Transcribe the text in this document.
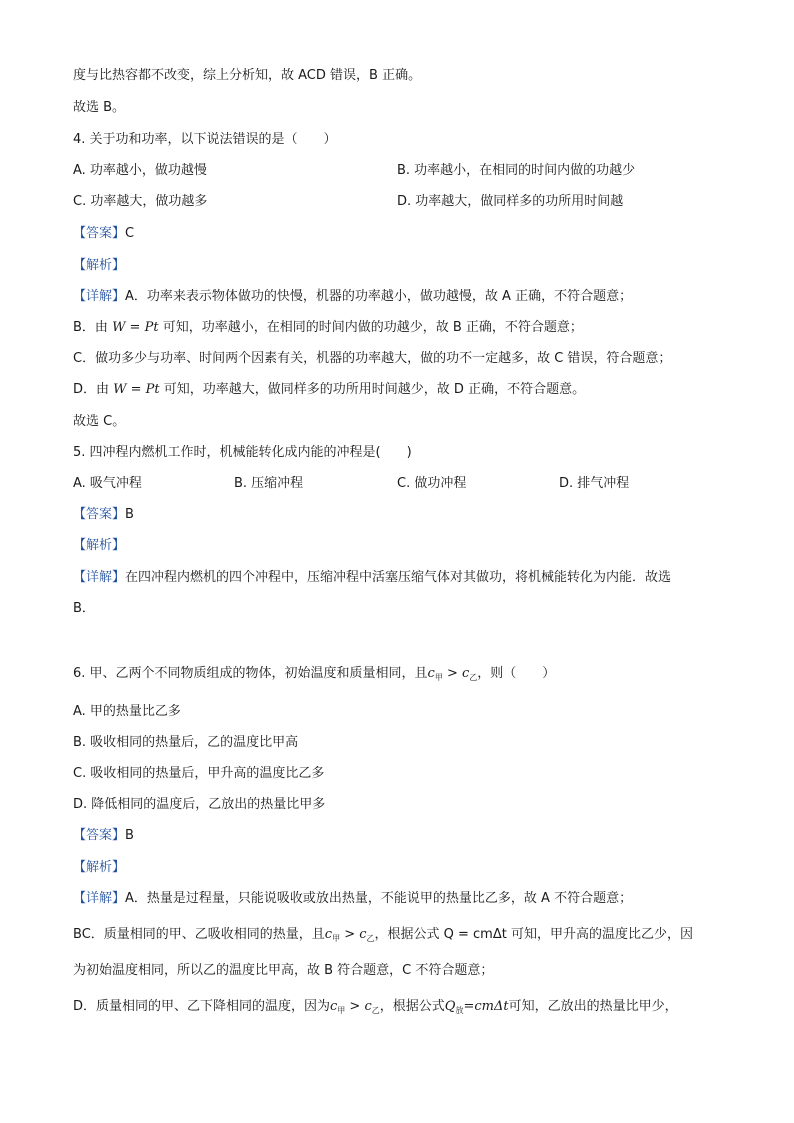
度与比热容都不改变，综上分析知，故 ACD 错误，B 正确。
故选 B。
4. 关于功和功率，以下说法错误的是（　　）
A. 功率越小，做功越慢	B. 功率越小，在相同的时间内做的功越少
C. 功率越大，做功越多	D. 功率越大，做同样多的功所用时间越
【答案】C
【解析】
【详解】A．功率来表示物体做功的快慢，机器的功率越小，做功越慢，故 A 正确，不符合题意；
B．由 W = Pt 可知，功率越小，在相同的时间内做的功越少，故 B 正确，不符合题意；
C．做功多少与功率、时间两个因素有关，机器的功率越大，做的功不一定越多，故 C 错误，符合题意；
D．由 W = Pt 可知，功率越大，做同样多的功所用时间越少，故 D 正确，不符合题意。
故选 C。
5. 四冲程内燃机工作时，机械能转化成内能的冲程是(　　)
A. 吸气冲程	B. 压缩冲程	C. 做功冲程	D. 排气冲程
【答案】B
【解析】
【详解】在四冲程内燃机的四个冲程中，压缩冲程中活塞压缩气体对其做功，将机械能转化为内能．故选
B．
6. 甲、乙两个不同物质组成的物体，初始温度和质量相同，且$c_甲 > c_乙$，则（　　）
A. 甲的热量比乙多
B. 吸收相同的热量后，乙的温度比甲高
C. 吸收相同的热量后，甲升高的温度比乙多
D. 降低相同的温度后，乙放出的热量比甲多
【答案】B
【解析】
【详解】A．热量是过程量，只能说吸收或放出热量，不能说甲的热量比乙多，故 A 不符合题意；
BC．质量相同的甲、乙吸收相同的热量，且$c_甲 > c_乙$，根据公式 Q = cmΔt 可知，甲升高的温度比乙少，因
为初始温度相同，所以乙的温度比甲高，故 B 符合题意，C 不符合题意；
D．质量相同的甲、乙下降相同的温度，因为$c_甲 > c_乙$，根据公式$Q_放=cm\Delta t$可知，乙放出的热量比甲少，
